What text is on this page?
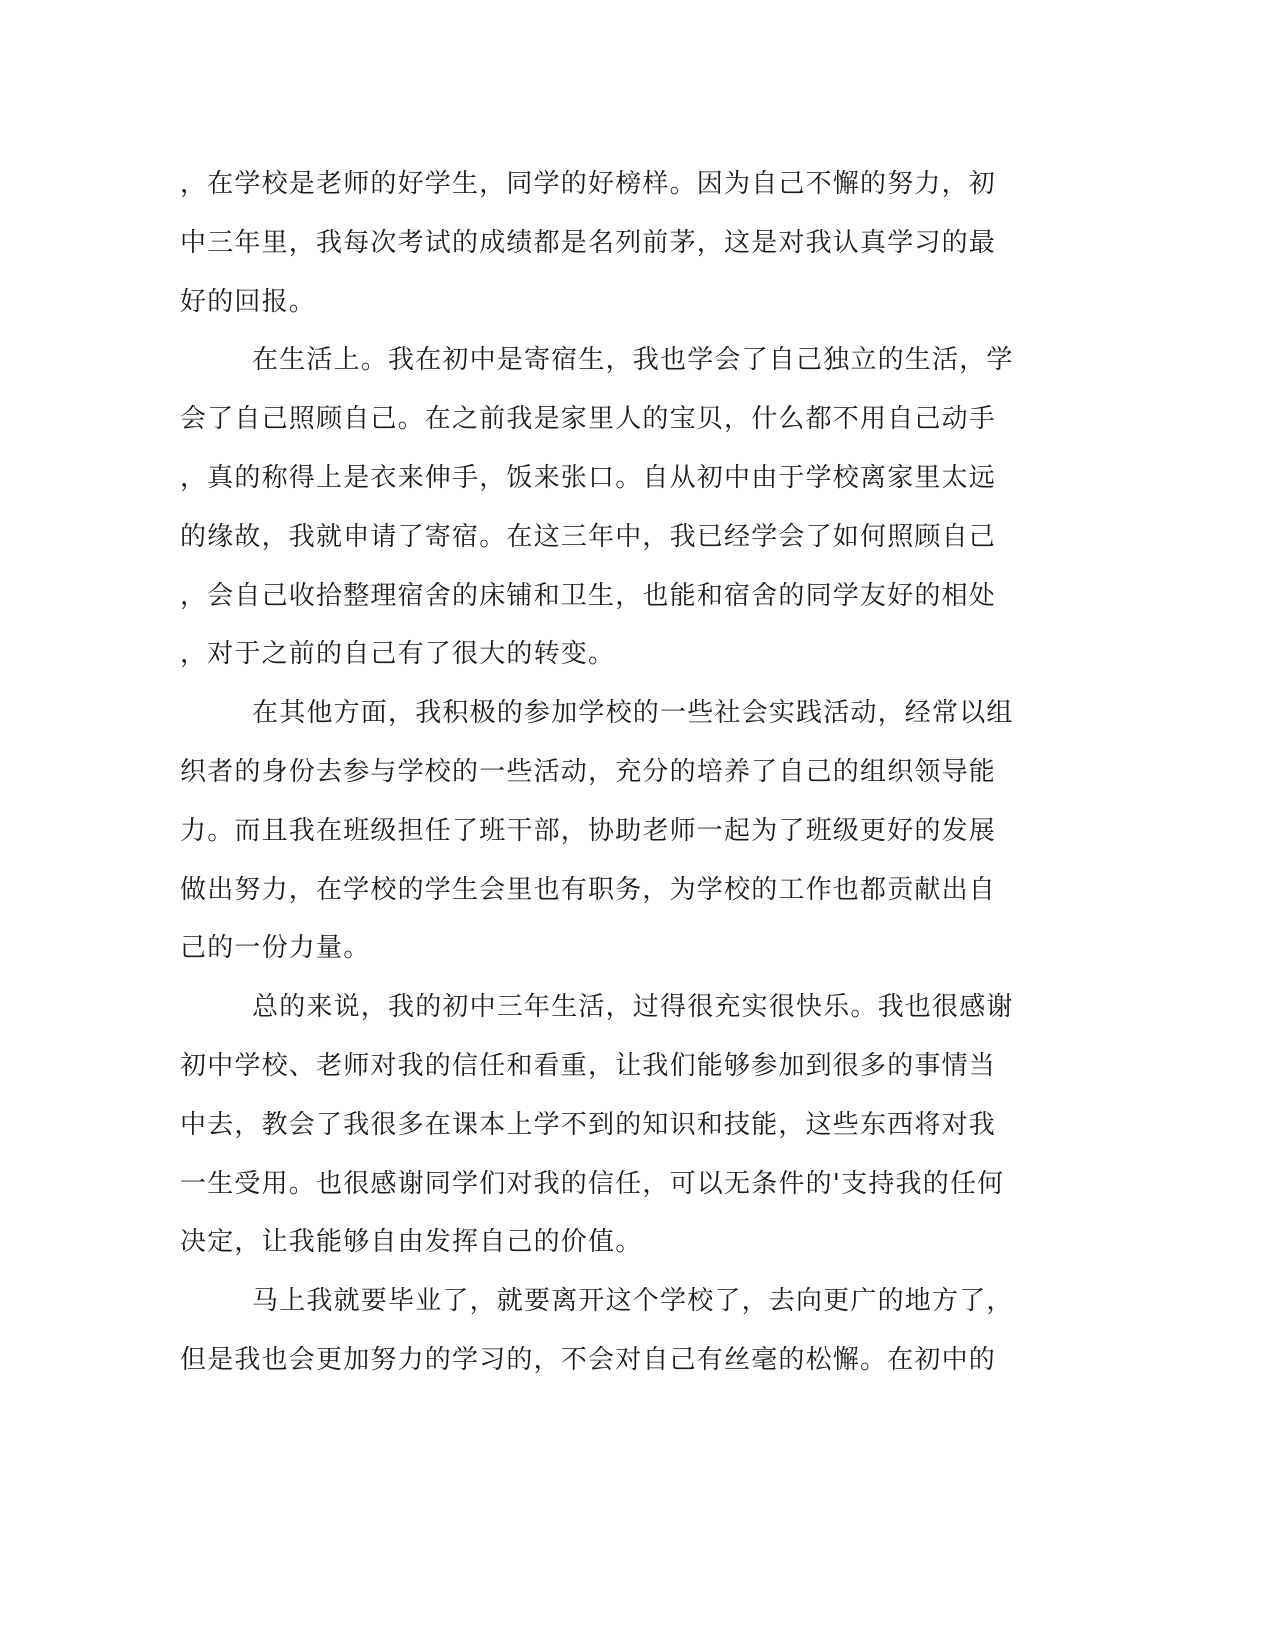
，在学校是老师的好学生，同学的好榜样。因为自己不懈的努力，初
中三年里，我每次考试的成绩都是名列前茅，这是对我认真学习的最
好的回报。
在生活上。我在初中是寄宿生，我也学会了自己独立的生活，学
会了自己照顾自己。在之前我是家里人的宝贝，什么都不用自己动手
，真的称得上是衣来伸手，饭来张口。自从初中由于学校离家里太远
的缘故，我就申请了寄宿。在这三年中，我已经学会了如何照顾自己
，会自己收拾整理宿舍的床铺和卫生，也能和宿舍的同学友好的相处
，对于之前的自己有了很大的转变。
在其他方面，我积极的参加学校的一些社会实践活动，经常以组
织者的身份去参与学校的一些活动，充分的培养了自己的组织领导能
力。而且我在班级担任了班干部，协助老师一起为了班级更好的发展
做出努力，在学校的学生会里也有职务，为学校的工作也都贡献出自
己的一份力量。
总的来说，我的初中三年生活，过得很充实很快乐。我也很感谢
初中学校、老师对我的信任和看重，让我们能够参加到很多的事情当
中去，教会了我很多在课本上学不到的知识和技能，这些东西将对我
一生受用。也很感谢同学们对我的信任，可以无条件的'支持我的任何
决定，让我能够自由发挥自己的价值。
马上我就要毕业了，就要离开这个学校了，去向更广的地方了，
但是我也会更加努力的学习的，不会对自己有丝毫的松懈。在初中的
